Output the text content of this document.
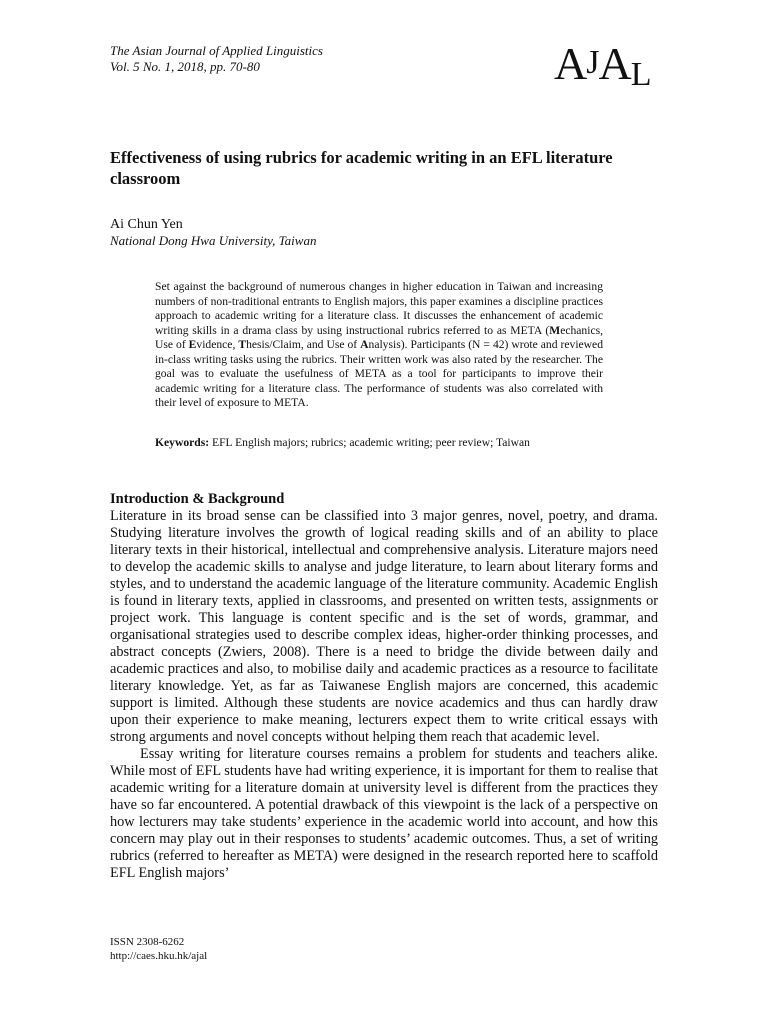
The Asian Journal of Applied Linguistics
Vol. 5 No. 1, 2018, pp. 70-80	AJAL
Effectiveness of using rubrics for academic writing in an EFL literature classroom
Ai Chun Yen
National Dong Hwa University, Taiwan
Set against the background of numerous changes in higher education in Taiwan and increasing numbers of non-traditional entrants to English majors, this paper examines a discipline practices approach to academic writing for a literature class. It discusses the enhancement of academic writing skills in a drama class by using instructional rubrics referred to as META (Mechanics, Use of Evidence, Thesis/Claim, and Use of Analysis). Participants (N = 42) wrote and reviewed in-class writing tasks using the rubrics. Their written work was also rated by the researcher. The goal was to evaluate the usefulness of META as a tool for participants to improve their academic writing for a literature class. The performance of students was also correlated with their level of exposure to META.
Keywords: EFL English majors; rubrics; academic writing; peer review; Taiwan
Introduction & Background

Literature in its broad sense can be classified into 3 major genres, novel, poetry, and drama. Studying literature involves the growth of logical reading skills and of an ability to place literary texts in their historical, intellectual and comprehensive analysis. Literature majors need to develop the academic skills to analyse and judge literature, to learn about literary forms and styles, and to understand the academic language of the literature community. Academic English is found in literary texts, applied in classrooms, and presented on written tests, assignments or project work. This language is content specific and is the set of words, grammar, and organisational strategies used to describe complex ideas, higher-order thinking processes, and abstract concepts (Zwiers, 2008). There is a need to bridge the divide between daily and academic practices and also, to mobilise daily and academic practices as a resource to facilitate literary knowledge. Yet, as far as Taiwanese English majors are concerned, this academic support is limited. Although these students are novice academics and thus can hardly draw upon their experience to make meaning, lecturers expect them to write critical essays with strong arguments and novel concepts without helping them reach that academic level.

Essay writing for literature courses remains a problem for students and teachers alike. While most of EFL students have had writing experience, it is important for them to realise that academic writing for a literature domain at university level is different from the practices they have so far encountered. A potential drawback of this viewpoint is the lack of a perspective on how lecturers may take students’ experience in the academic world into account, and how this concern may play out in their responses to students’ academic outcomes. Thus, a set of writing rubrics (referred to hereafter as META) were designed in the research reported here to scaffold EFL English majors’

ISSN 2308-6262
http://caes.hku.hk/ajal
